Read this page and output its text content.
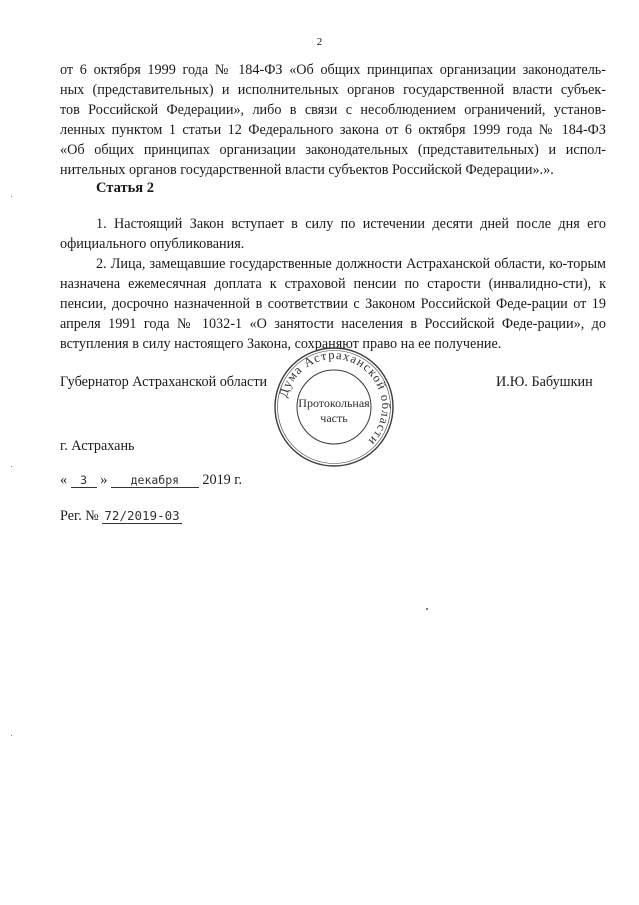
2
от 6 октября 1999 года № 184-ФЗ «Об общих принципах организации законодатель-
ных (представительных) и исполнительных органов государственной власти субъек-
тов Российской Федерации», либо в связи с несоблюдением ограничений, установ-
ленных пунктом 1 статьи 12 Федерального закона от 6 октября 1999 года № 184-ФЗ
«Об общих принципах организации законодательных (представительных) и испол-
нительных органов государственной власти субъектов Российской Федерации».».
Статья 2
1. Настоящий Закон вступает в силу по истечении десяти дней после дня его официального опубликования.
2. Лица, замещавшие государственные должности Астраханской области, ко-торым назначена ежемесячная доплата к страховой пенсии по старости (инвалидно-сти), к пенсии, досрочно назначенной в соответствии с Законом Российской Феде-рации от 19 апреля 1991 года № 1032-1 «О занятости населения в Российской Феде-рации», до вступления в силу настоящего Закона, сохраняют право на ее получение.
Губернатор Астраханской области	И.Ю. Бабушкин
Дума Астраханской области
Протокольная
часть
г. Астрахань
« 3 » декабря 2019 г.
Рег. № 72/2019-03
